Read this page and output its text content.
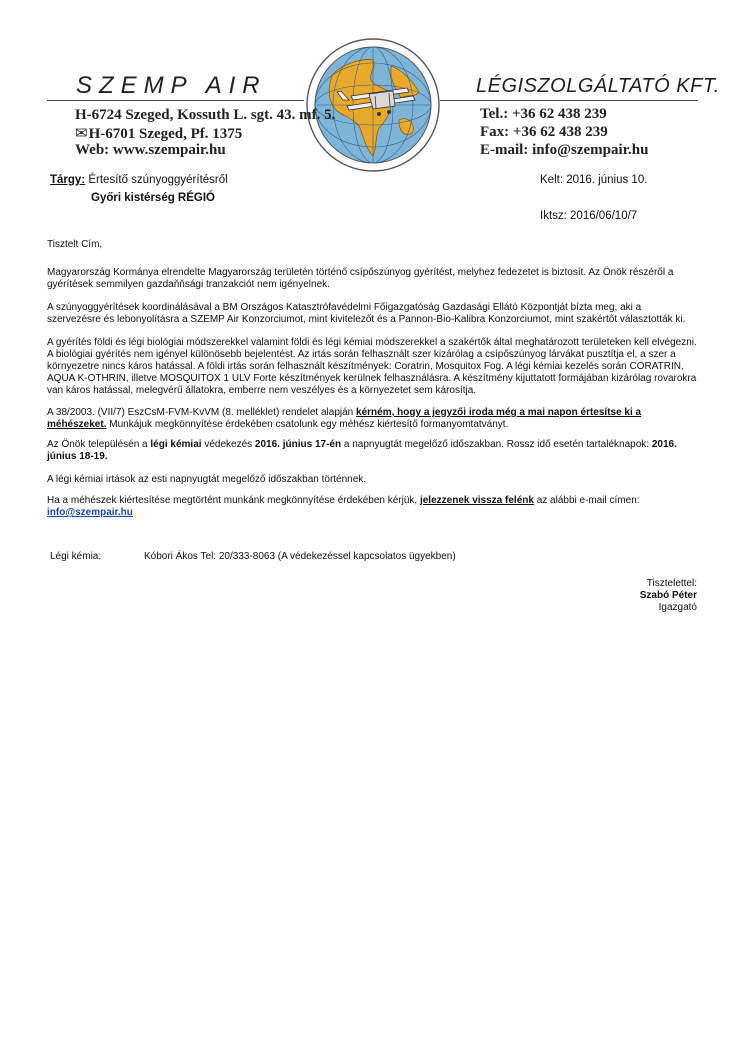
SZEMP AIR	LÉGISZOLGÁLTATÓ KFT.
H-6724 Szeged, Kossuth L. sgt. 43. mf. 5.
✉H-6701 Szeged, Pf. 1375
Web: www.szempair.hu
Tel.: +36 62 438 239
Fax: +36 62 438 239
E-mail: info@szempair.hu
Tárgy: Értesítő szúnyoggyérítésről
Győri kistérség RÉGIÓ
Kelt: 2016. június 10.
Iktsz: 2016/06/10/7
Tisztelt Cím,
Magyarország Kormánya elrendelte Magyarország területén történő csípőszúnyog gyérítést, melyhez fedezetet is biztosít. Az Önök részéről a gyérítések semmilyen gazdaňňsági tranzakciót nem igényelnek.
A szúnyoggyérítések koordinálásával a BM Országos Katasztrófavédelmi Főigazgatóság Gazdasági Ellátó Központját bízta meg, aki a szervezésre és lebonyolításra a SZEMP Air Konzorciumot, mint kivitelezőt és a Pannon-Bio-Kalibra Konzorciumot, mint szakértőt választották ki.
A gyérítés földi és légi biológiai módszerekkel valamint földi és légi kémiai módszerekkel a szakértők által meghatározott területeken kell elvégezni. A biológiai gyérítés nem igényel különösebb bejelentést. Az irtás során felhasznált szer kizárólag a csípőszúnyog lárvákat pusztítja el, a szer a környezetre nincs káros hatással. A földi irtás során felhasznált készítmények: Coratrin, Mosquitox Fog. A légi kémiai kezelés során CORATRIN, AQUA K-OTHRIN, illetve MOSQUITOX 1 ULV Forte készítmények kerülnek felhasználásra. A készítmény kijuttatott formájában kizárólag rovarokra van káros hatással, melegvérű állatokra, emberre nem veszélyes és a környezetet sem károsítja.
A 38/2003. (VII/7) EszCsM-FVM-KvVM (8. melléklet) rendelet alapján kérném, hogy a jegyzői iroda még a mai napon értesítse ki a méhészeket. Munkájuk megkönnyítése érdekében csatolunk egy méhész kiértesítő formanyomtatványt.
Az Önök településén a légi kémiai védekezés 2016. június 17-én a napnyugtát megelőző időszakban. Rossz idő esetén tartaléknapok: 2016. június 18-19.
A légi kémiai irtások az esti napnyugtát megelőző időszakban történnek.
Ha a méhészek kiértesítése megtörtént munkánk megkönnyítése érdekében kérjük, jelezzenek vissza felénk az alábbi e-mail címen:
info@szempair.hu
Légi kémia:	Kóbori Ákos Tel: 20/333-8063 (A védekezéssel kapcsolatos ügyekben)
Tisztelettel:
Szabó Péter
Igazgató
